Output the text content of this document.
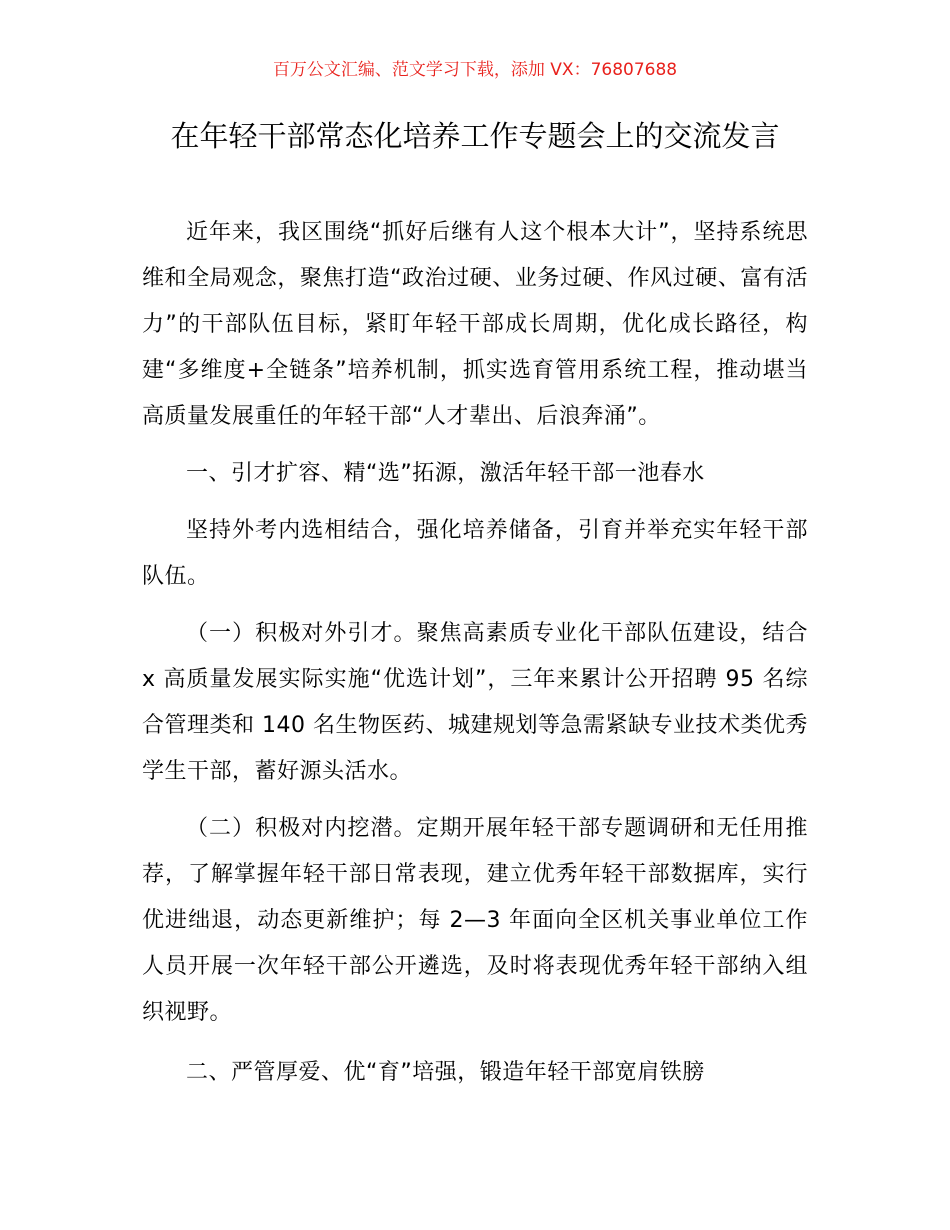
百万公文汇编、范文学习下载，添加 VX：76807688
在年轻干部常态化培养工作专题会上的交流发言

近年来，我区围绕“抓好后继有人这个根本大计”，坚持系统思维和全局观念，聚焦打造“政治过硬、业务过硬、作风过硬、富有活力”的干部队伍目标，紧盯年轻干部成长周期，优化成长路径，构建“多维度+全链条”培养机制，抓实选育管用系统工程，推动堪当高质量发展重任的年轻干部“人才辈出、后浪奔涌”。

一、引才扩容、精“选”拓源，激活年轻干部一池春水

坚持外考内选相结合，强化培养储备，引育并举充实年轻干部队伍。

（一）积极对外引才。聚焦高素质专业化干部队伍建设，结合 x 高质量发展实际实施“优选计划”，三年来累计公开招聘 95 名综合管理类和 140 名生物医药、城建规划等急需紧缺专业技术类优秀学生干部，蓄好源头活水。

（二）积极对内挖潜。定期开展年轻干部专题调研和无任用推荐，了解掌握年轻干部日常表现，建立优秀年轻干部数据库，实行优进绌退，动态更新维护；每 2—3 年面向全区机关事业单位工作人员开展一次年轻干部公开遴选，及时将表现优秀年轻干部纳入组织视野。

二、严管厚爱、优“育”培强，锻造年轻干部宽肩铁膀
